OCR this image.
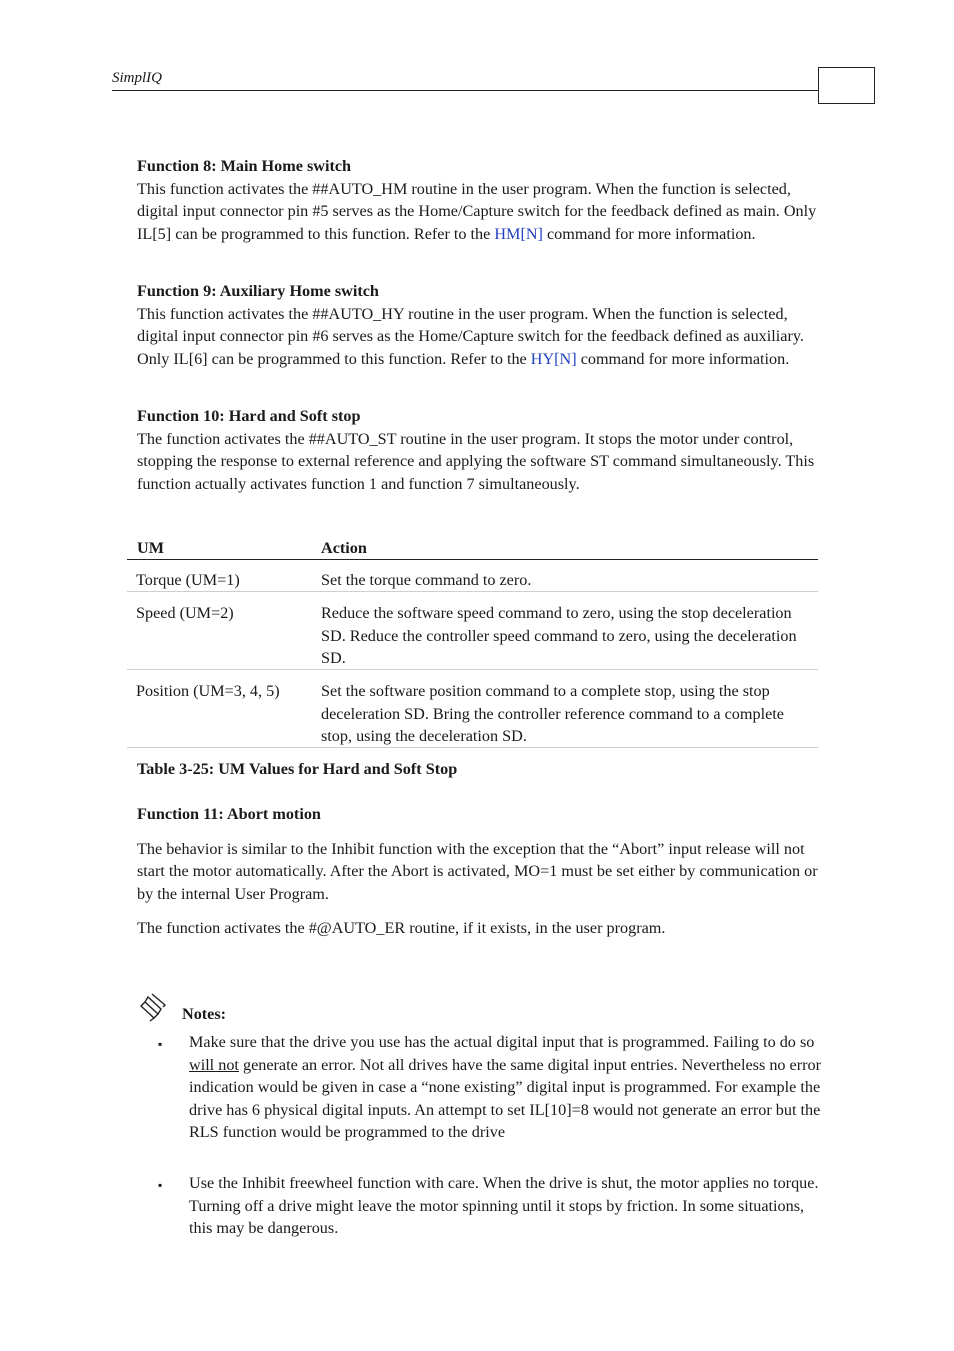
SimplIQ
Function 8: Main Home switch

This function activates the ##AUTO_HM routine in the user program. When the function is selected, digital input connector pin #5 serves as the Home/Capture switch for the feedback defined as main. Only IL[5] can be programmed to this function. Refer to the HM[N] command for more information.

Function 9: Auxiliary Home switch

This function activates the ##AUTO_HY routine in the user program. When the function is selected, digital input connector pin #6 serves as the Home/Capture switch for the feedback defined as auxiliary. Only IL[6] can be programmed to this function. Refer to the HY[N] command for more information.

Function 10: Hard and Soft stop

The function activates the ##AUTO_ST routine in the user program. It stops the motor under control, stopping the response to external reference and applying the software ST command simultaneously. This function actually activates function 1 and function 7 simultaneously.

UM	Action
Torque (UM=1)	Set the torque command to zero.
Speed (UM=2)	Reduce the software speed command to zero, using the stop deceleration SD. Reduce the controller speed command to zero, using the deceleration SD.
Position (UM=3, 4, 5)	Set the software position command to a complete stop, using the stop deceleration SD. Bring the controller reference command to a complete stop, using the deceleration SD.
Table 3-25: UM Values for Hard and Soft Stop
Function 11: Abort motion

The behavior is similar to the Inhibit function with the exception that the “Abort” input release will not start the motor automatically. After the Abort is activated, MO=1 must be set either by communication or by the internal User Program.

The function activates the #@AUTO_ER routine, if it exists, in the user program.

Notes:
▪ Make sure that the drive you use has the actual digital input that is programmed. Failing to do so will not generate an error. Not all drives have the same digital input entries. Nevertheless no error indication would be given in case a “none existing” digital input is programmed. For example the                    drive has 6 physical digital inputs. An attempt to set IL[10]=8 would not generate an error but the RLS function would be programmed to the drive
▪ Use the Inhibit freewheel function with care. When the drive is shut, the motor applies no torque. Turning off a drive might leave the motor spinning until it stops by friction. In some situations, this may be dangerous.
